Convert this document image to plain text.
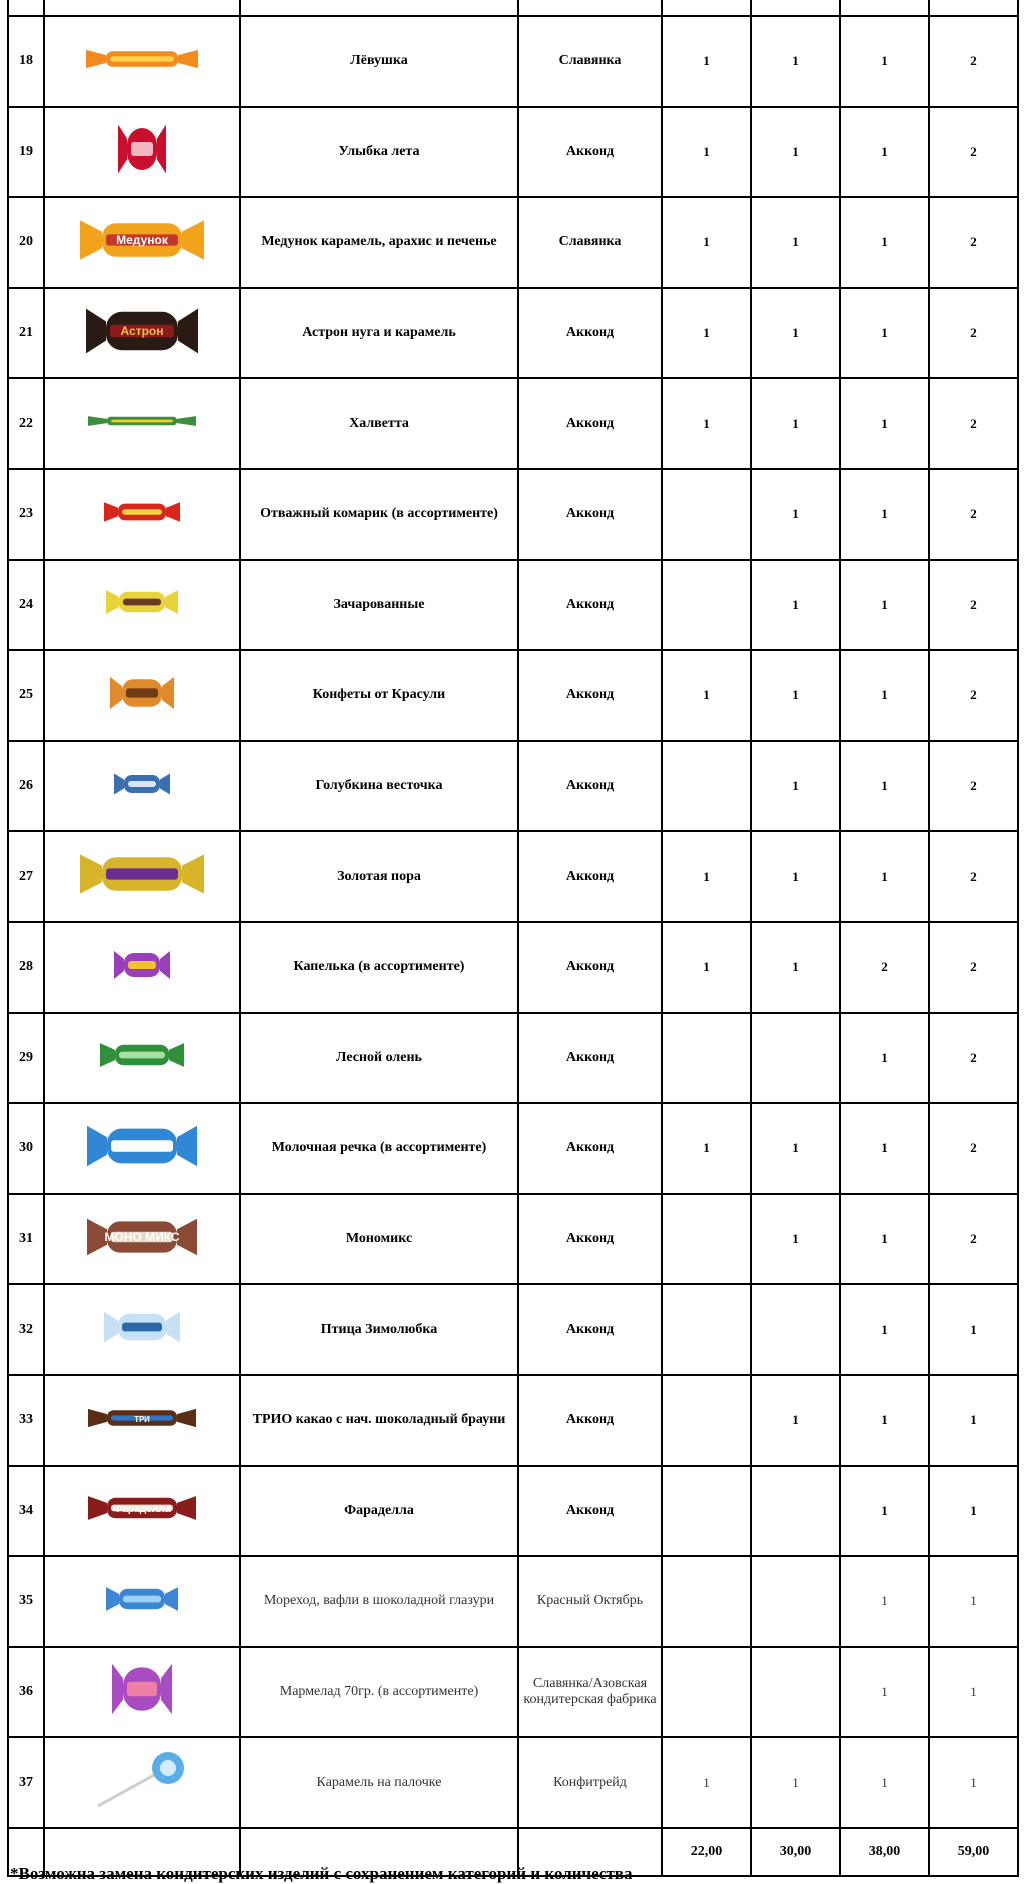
18		Лёвушка	Славянка	1	1	1	2
19		Улыбка лета	Акконд	1	1	1	2
20	Медунок	Медунок карамель, арахис и печенье	Славянка	1	1	1	2
21	Астрон	Астрон нуга и карамель	Акконд	1	1	1	2
22		Халветта	Акконд	1	1	1	2
23		Отважный комарик (в ассортименте)	Акконд		1	1	2
24		Зачарованные	Акконд		1	1	2
25		Конфеты от Красули	Акконд	1	1	1	2
26		Голубкина весточка	Акконд		1	1	2
27		Золотая пора	Акконд	1	1	1	2
28		Капелька (в ассортименте)	Акконд	1	1	2	2
29		Лесной олень	Акконд			1	2
30		Молочная речка (в ассортименте)	Акконд	1	1	1	2
31	МОНО МИКС	Мономикс	Акконд		1	1	2
32		Птица Зимолюбка	Акконд			1	1
33	ТРИ	ТРИО какао с нач. шоколадный брауни	Акконд		1	1	1
34	Фараделла	Фараделла	Акконд			1	1
35		Мореход, вафли в шоколадной глазури	Красный Октябрь			1	1
36		Мармелад 70гр. (в ассортименте)	Славянка/Азовская кондитерская фабрика			1	1
37		Карамель на палочке	Конфитрейд	1	1	1	1
				22,00	30,00	38,00	59,00
*Возможна замена кондитерских изделий с сохранением категорий и количества
